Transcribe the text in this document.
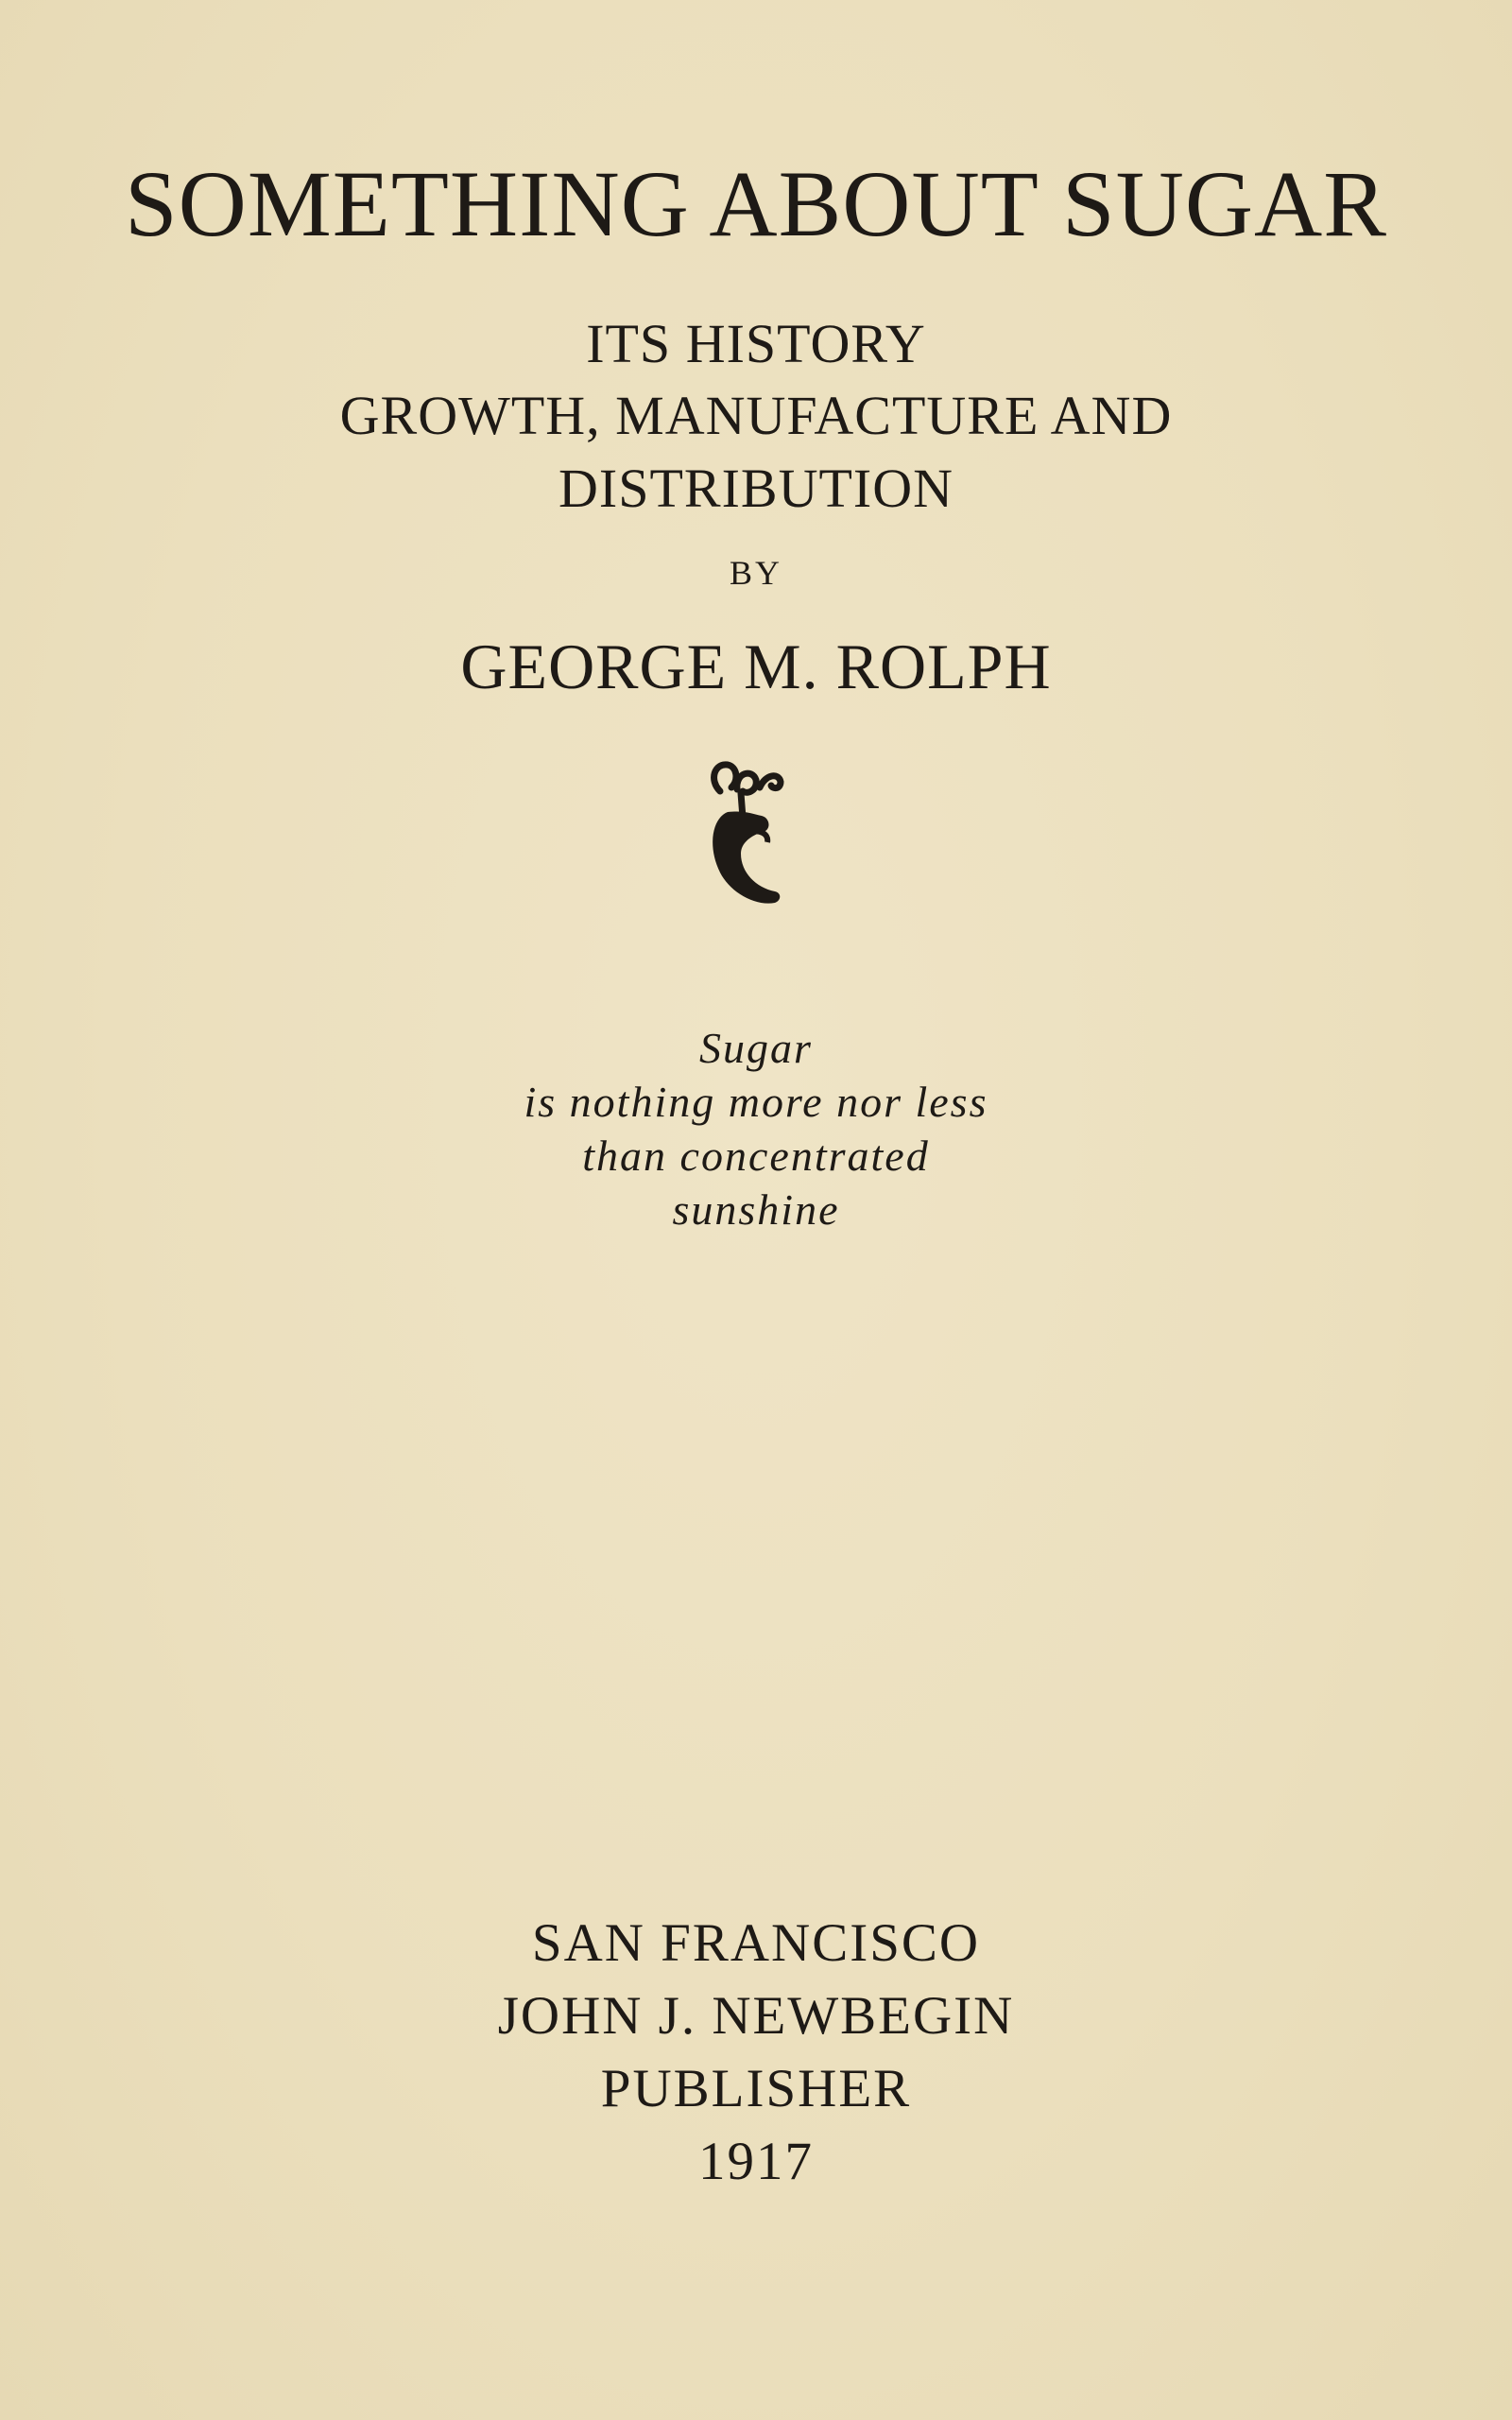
SOMETHING ABOUT SUGAR
ITS HISTORY
GROWTH, MANUFACTURE AND
DISTRIBUTION
BY
GEORGE M. ROLPH
Sugar
is nothing more nor less
than concentrated
sunshine
SAN FRANCISCO
JOHN J. NEWBEGIN
PUBLISHER
1917
